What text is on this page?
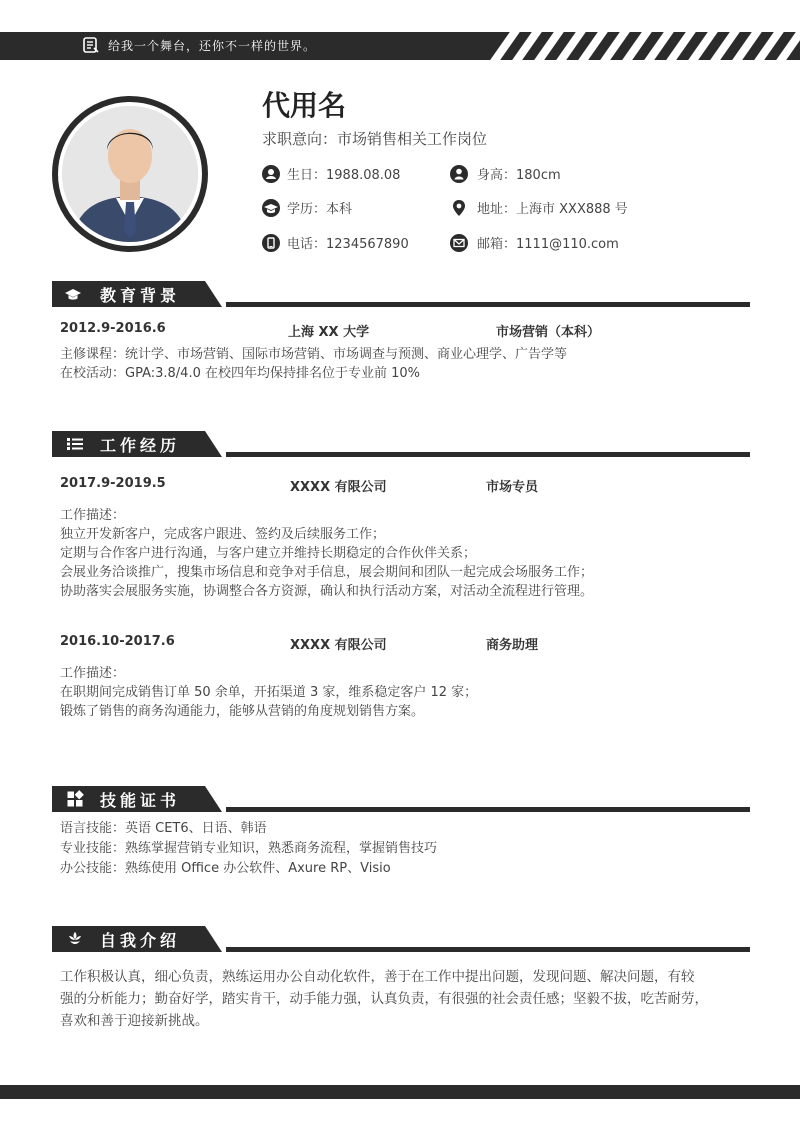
给我一个舞台，还你不一样的世界。
代用名
求职意向：市场销售相关工作岗位
生日：1988.08.08	身高：180cm
学历：本科	地址：上海市 XXX888 号
电话：1234567890	邮箱：1111@110.com
教育背景
2012.9-2016.6	上海 XX 大学	市场营销（本科）
主修课程：统计学、市场营销、国际市场营销、市场调查与预测、商业心理学、广告学等
在校活动：GPA:3.8/4.0 在校四年均保持排名位于专业前 10%
工作经历
2017.9-2019.5	XXXX 有限公司	市场专员
工作描述：
独立开发新客户，完成客户跟进、签约及后续服务工作；
定期与合作客户进行沟通，与客户建立并维持长期稳定的合作伙伴关系；
会展业务洽谈推广，搜集市场信息和竞争对手信息，展会期间和团队一起完成会场服务工作；
协助落实会展服务实施，协调整合各方资源，确认和执行活动方案，对活动全流程进行管理。
2016.10-2017.6	XXXX 有限公司	商务助理
工作描述：
在职期间完成销售订单 50 余单，开拓渠道 3 家，维系稳定客户 12 家；
锻炼了销售的商务沟通能力，能够从营销的角度规划销售方案。
技能证书
语言技能：英语 CET6、日语、韩语
专业技能：熟练掌握营销专业知识，熟悉商务流程，掌握销售技巧
办公技能：熟练使用 Office 办公软件、Axure RP、Visio
自我介绍
工作积极认真，细心负责，熟练运用办公自动化软件，善于在工作中提出问题，发现问题、解决问题，有较
强的分析能力；勤奋好学，踏实肯干，动手能力强，认真负责，有很强的社会责任感；坚毅不拔，吃苦耐劳，
喜欢和善于迎接新挑战。
